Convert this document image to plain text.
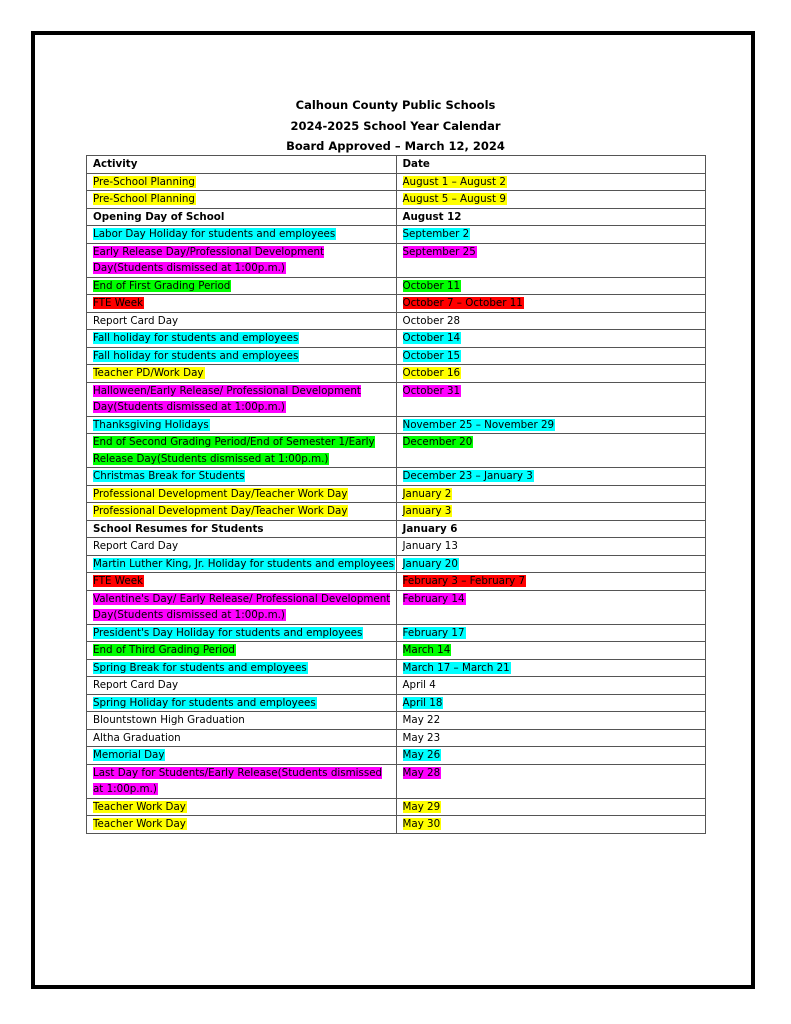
Calhoun County Public Schools
2024-2025 School Year Calendar
Board Approved – March 12, 2024
Activity	Date
Pre-School Planning	August 1 – August 2
Pre-School Planning	August 5 – August 9
Opening Day of School	August 12
Labor Day Holiday for students and employees	September 2
Early Release Day/Professional Development Day(Students dismissed at 1:00p.m.)	September 25
End of First Grading Period	October 11
FTE Week	October 7 – October 11
Report Card Day	October 28
Fall holiday for students and employees	October 14
Fall holiday for students and employees	October 15
Teacher PD/Work Day	October 16
Halloween/Early Release/ Professional Development Day(Students dismissed at 1:00p.m.)	October 31
Thanksgiving Holidays	November 25 – November 29
End of Second Grading Period/End of Semester 1/Early Release Day(Students dismissed at 1:00p.m.)	December 20
Christmas Break for Students	December 23 – January 3
Professional Development Day/Teacher Work Day	January 2
Professional Development Day/Teacher Work Day	January 3
School Resumes for Students	January 6
Report Card Day	January 13
Martin Luther King, Jr. Holiday for students and employees	January 20
FTE Week	February 3 – February 7
Valentine's Day/ Early Release/ Professional Development Day(Students dismissed at 1:00p.m.)	February 14
President's Day Holiday for students and employees	February 17
End of Third Grading Period	March 14
Spring Break for students and employees	March 17 – March 21
Report Card Day	April 4
Spring Holiday for students and employees	April 18
Blountstown High Graduation	May 22
Altha Graduation	May 23
Memorial Day	May 26
Last Day for Students/Early Release(Students dismissed at 1:00p.m.)	May 28
Teacher Work Day	May 29
Teacher Work Day	May 30
